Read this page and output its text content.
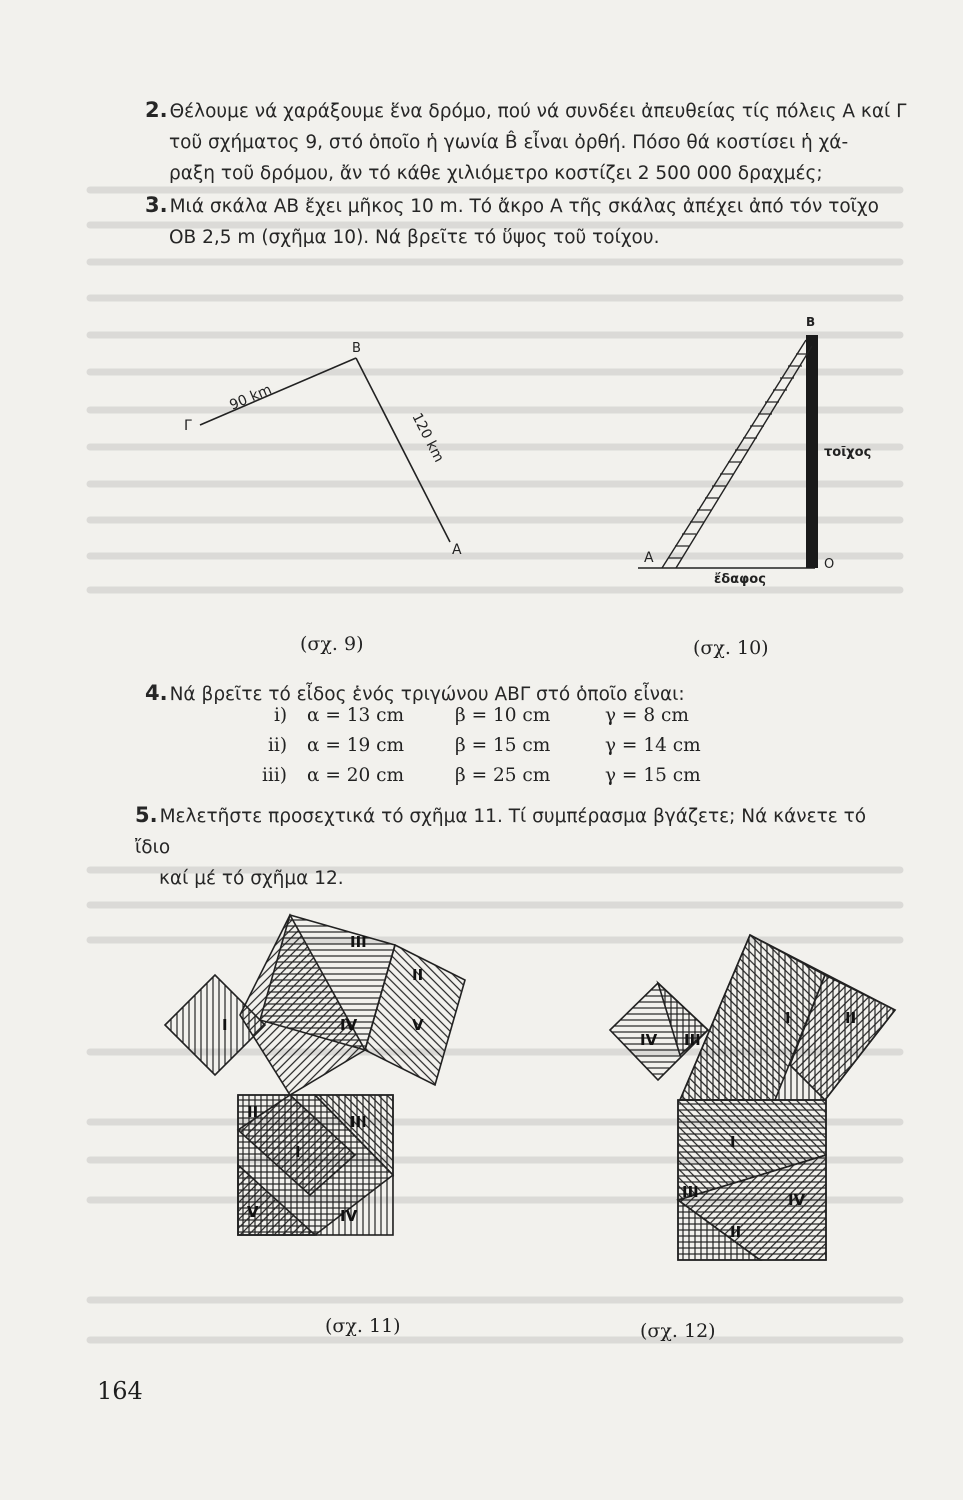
2. Θέλουμε νά χαράξουμε ἕνα δρόμο, πού νά συνδέει ἀπευθείας τίς πόλεις Α καί Γ
τοῦ σχήματος 9, στό ὁποῖο ἡ γωνία B̂ εἶναι ὀρθή. Πόσο θά κοστίσει ἡ χά-
ραξη τοῦ δρόμου, ἄν τό κάθε χιλιόμετρο κοστίζει 2 500 000 δραχμές;
3. Μιά σκάλα ΑΒ ἔχει μῆκος 10 m. Τό ἄκρο Α τῆς σκάλας ἀπέχει ἀπό τόν τοῖχο
ΟΒ 2,5 m (σχῆμα 10). Νά βρεῖτε τό ὕψος τοῦ τοίχου.
Β
Γ
Α
90 km
120 km
(σχ. 9)
Β
Α	Ο
τοῖχος
ἔδαφος
(σχ. 10)
4. Νά βρεῖτε τό εἶδος ἑνός τριγώνου ΑΒΓ στό ὁποῖο εἶναι:
i) α = 13 cm	β = 10 cm	γ = 8 cm
ii) α = 19 cm	β = 15 cm	γ = 14 cm
iii) α = 20 cm	β = 25 cm	γ = 15 cm
5. Μελετῆστε προσεχτικά τό σχῆμα 11. Τί συμπέρασμα βγάζετε; Νά κάνετε τό ἴδιο
καί μέ τό σχῆμα 12.
III
II
IV	V
I
II
III
I
V	IV
(σχ. 11)
I	II
IV III
I
III	IV
II
(σχ. 12)
164
